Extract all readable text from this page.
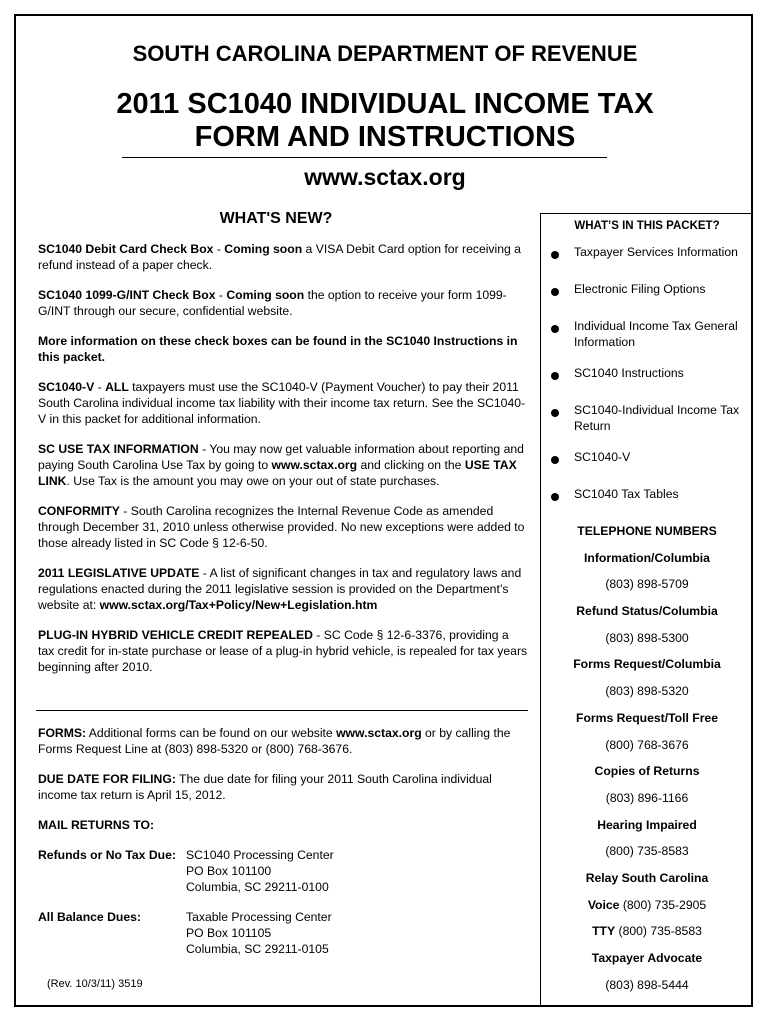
SOUTH CAROLINA DEPARTMENT OF REVENUE
2011 SC1040 INDIVIDUAL INCOME TAX
FORM AND INSTRUCTIONS
www.sctax.org
WHAT'S NEW?

SC1040 Debit Card Check Box - Coming soon a VISA Debit Card option for receiving a refund instead of a paper check.

SC1040 1099-G/INT Check Box - Coming soon the option to receive your form 1099-G/INT through our secure, confidential website.

More information on these check boxes can be found in the SC1040 Instructions in this packet.

SC1040-V - ALL taxpayers must use the SC1040-V (Payment Voucher) to pay their 2011 South Carolina individual income tax liability with their income tax return. See the SC1040-V in this packet for additional information.

SC USE TAX INFORMATION - You may now get valuable information about reporting and paying South Carolina Use Tax by going to www.sctax.org and clicking on the USE TAX LINK. Use Tax is the amount you may owe on your out of state purchases.

CONFORMITY - South Carolina recognizes the Internal Revenue Code as amended through December 31, 2010 unless otherwise provided. No new exceptions were added to those already listed in SC Code § 12-6-50.

2011 LEGISLATIVE UPDATE - A list of significant changes in tax and regulatory laws and regulations enacted during the 2011 legislative session is provided on the Department’s website at: www.sctax.org/Tax+Policy/New+Legislation.htm

PLUG-IN HYBRID VEHICLE CREDIT REPEALED - SC Code § 12-6-3376, providing a tax credit for in-state purchase or lease of a plug-in hybrid vehicle, is repealed for tax years beginning after 2010.

FORMS: Additional forms can be found on our website www.sctax.org or by calling the Forms Request Line at (803) 898-5320 or (800) 768-3676.

DUE DATE FOR FILING: The due date for filing your 2011 South Carolina individual income tax return is April 15, 2012.

MAIL RETURNS TO:

Refunds or No Tax Due: SC1040 Processing Center
PO Box 101100
Columbia, SC 29211-0100
All Balance Dues:	Taxable Processing Center
PO Box 101105
Columbia, SC 29211-0105
(Rev. 10/3/11) 3519
WHAT’S IN THIS PACKET?
Taxpayer Services Information
Electronic Filing Options
Individual Income Tax General Information
SC1040 Instructions
SC1040-Individual Income Tax Return
SC1040-V
SC1040 Tax Tables
TELEPHONE NUMBERS
Information/Columbia
(803) 898-5709
Refund Status/Columbia
(803) 898-5300
Forms Request/Columbia
(803) 898-5320
Forms Request/Toll Free
(800) 768-3676
Copies of Returns
(803) 896-1166
Hearing Impaired
(800) 735-8583
Relay South Carolina
Voice (800) 735-2905
TTY (800) 735-8583
Taxpayer Advocate
(803) 898-5444
